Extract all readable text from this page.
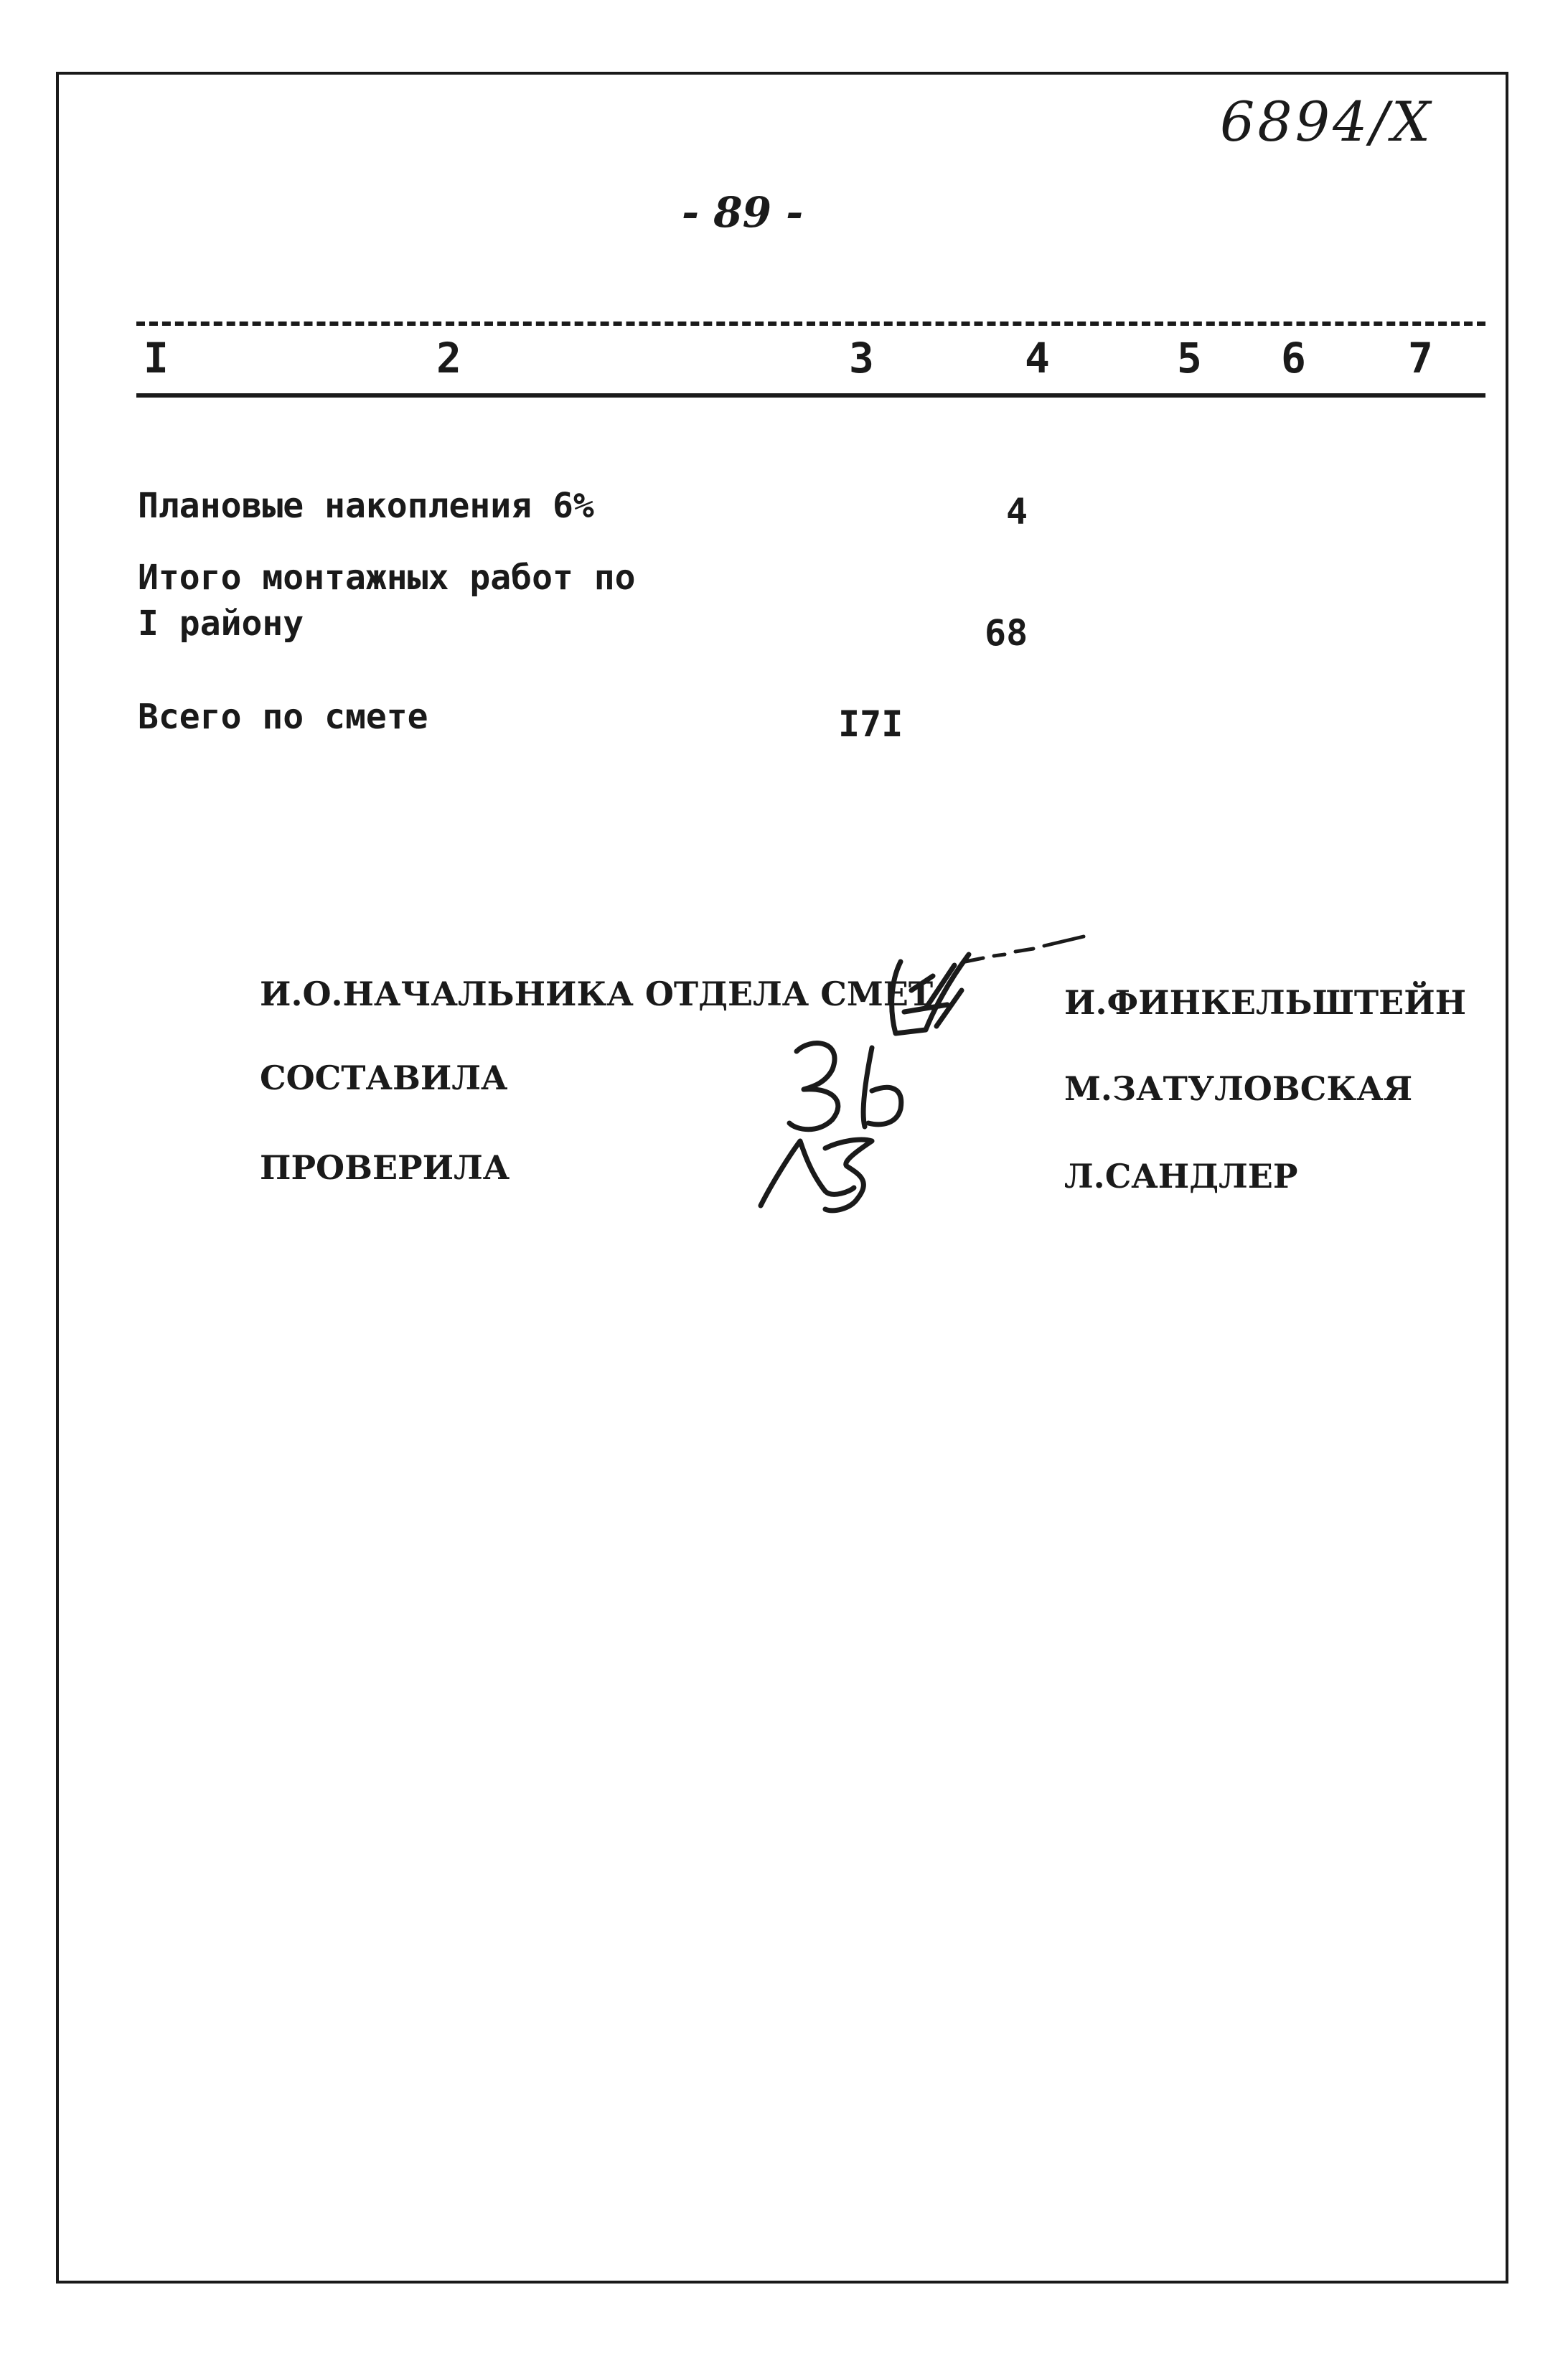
6894/X
- 89 -
I	2	3	4	5 6 7
Плановые накопления 6%	4
Итого монтажных работ по
I району	68
Всего по смете	I7I
И.О.НАЧАЛЬНИКА ОТДЕЛА СМЕТ	И.ФИНКЕЛЬШТЕЙН
СОСТАВИЛА	М.ЗАТУЛОВСКАЯ
ПРОВЕРИЛА	Л.САНДЛЕР
